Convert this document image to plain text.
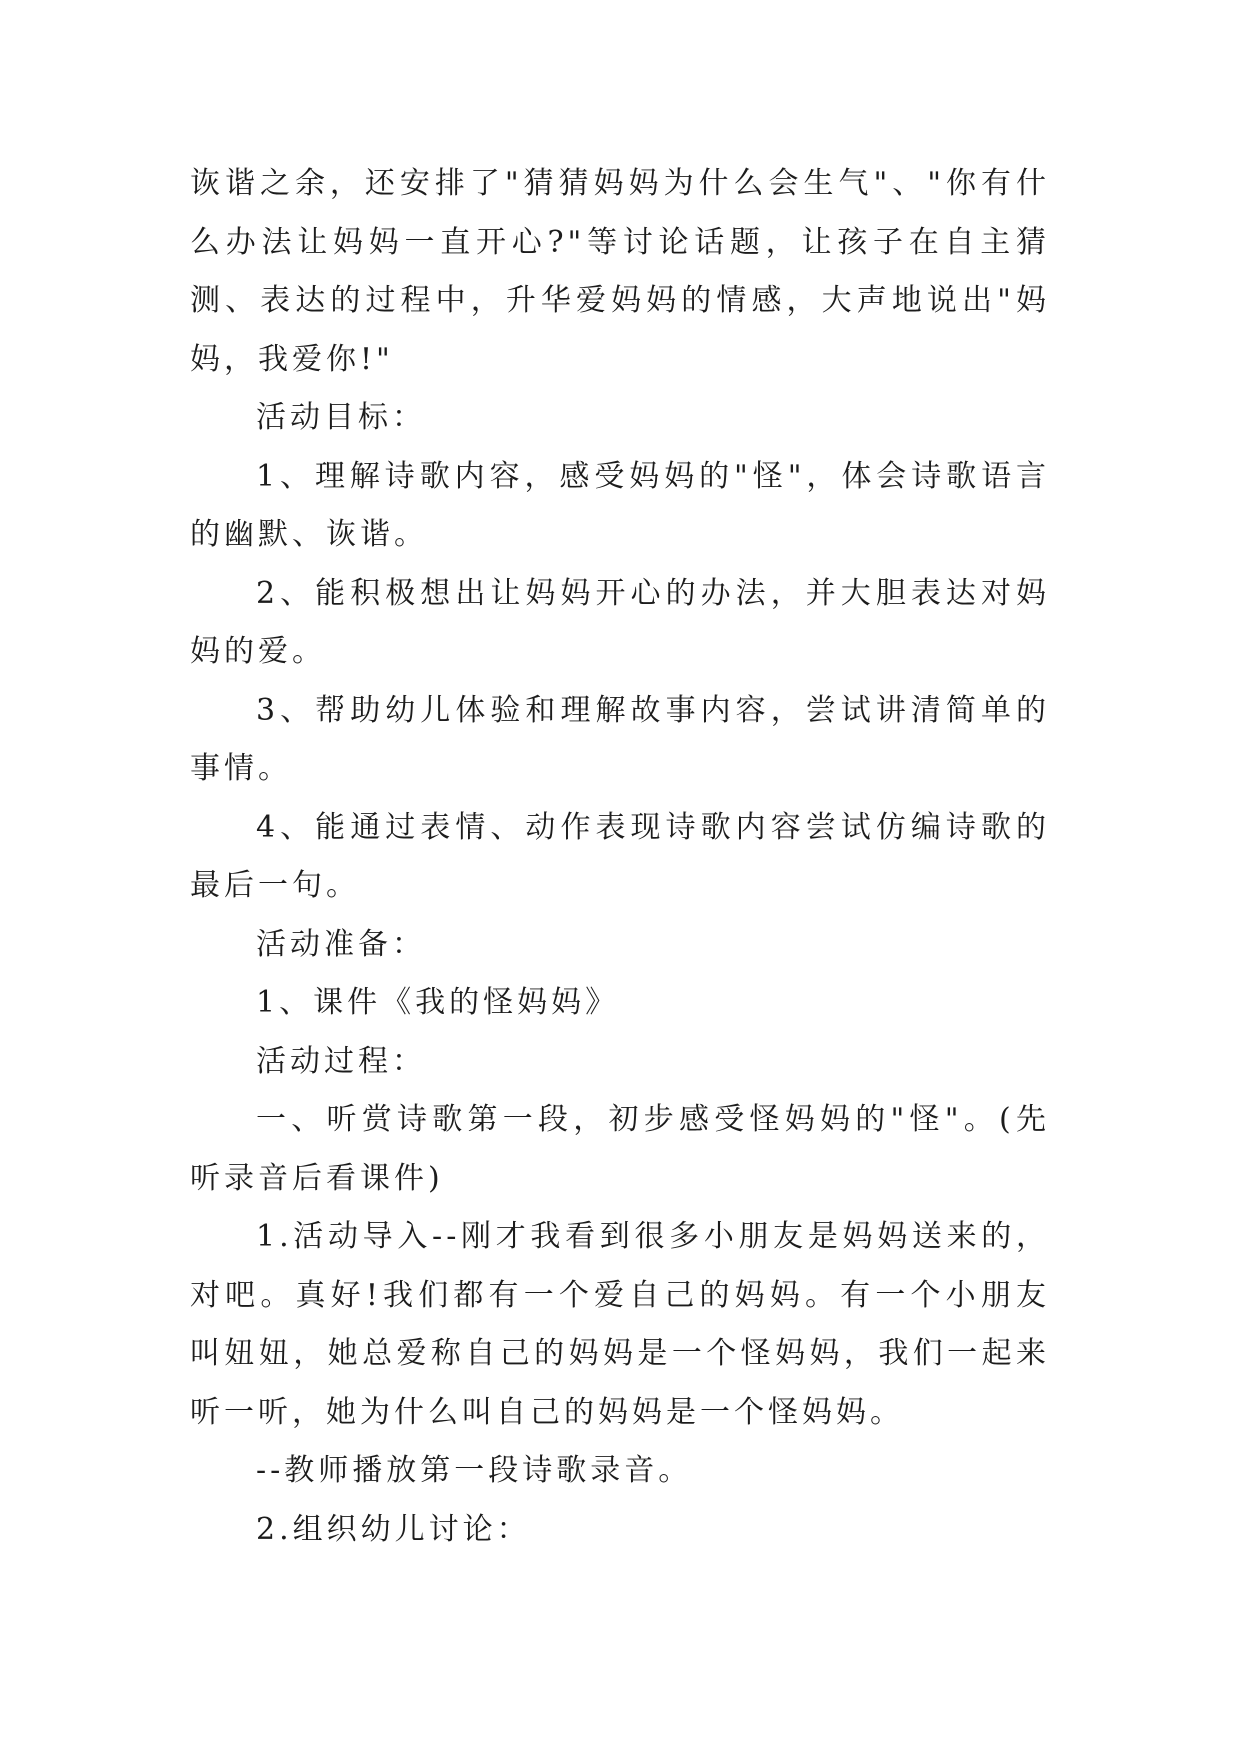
诙谐之余，还安排了"猜猜妈妈为什么会生气"、"你有什么办法让妈妈一直开心?"等讨论话题，让孩子在自主猜测、表达的过程中，升华爱妈妈的情感，大声地说出"妈妈，我爱你!"

活动目标：

1、理解诗歌内容，感受妈妈的"怪"，体会诗歌语言的幽默、诙谐。

2、能积极想出让妈妈开心的办法，并大胆表达对妈妈的爱。

3、帮助幼儿体验和理解故事内容，尝试讲清简单的事情。

4、能通过表情、动作表现诗歌内容尝试仿编诗歌的最后一句。

活动准备：

1、课件《我的怪妈妈》

活动过程：

一、听赏诗歌第一段，初步感受怪妈妈的"怪"。(先听录音后看课件)

1.活动导入--刚才我看到很多小朋友是妈妈送来的，对吧。真好!我们都有一个爱自己的妈妈。有一个小朋友叫妞妞，她总爱称自己的妈妈是一个怪妈妈，我们一起来听一听，她为什么叫自己的妈妈是一个怪妈妈。

--教师播放第一段诗歌录音。

2.组织幼儿讨论：
